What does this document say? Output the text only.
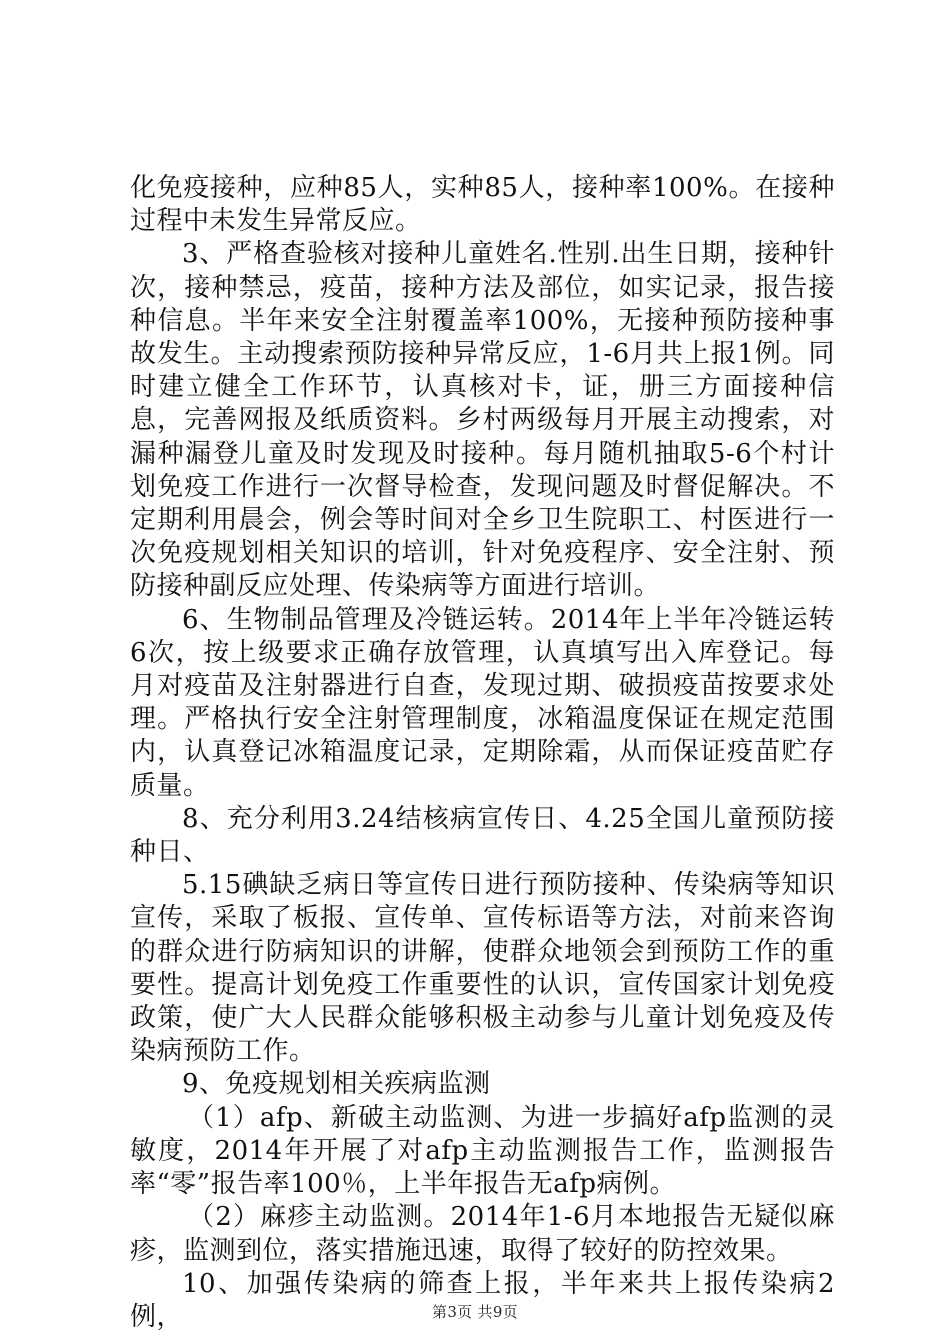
化免疫接种，应种85人，实种85人，接种率100%。在接种过程中未发生异常反应。

3、严格查验核对接种儿童姓名.性别.出生日期，接种针次，接种禁忌，疫苗，接种方法及部位，如实记录，报告接种信息。半年来安全注射覆盖率100%，无接种预防接种事故发生。主动搜索预防接种异常反应，1-6月共上报1例。同时建立健全工作环节，认真核对卡，证，册三方面接种信息，完善网报及纸质资料。乡村两级每月开展主动搜索，对漏种漏登儿童及时发现及时接种。每月随机抽取5-6个村计划免疫工作进行一次督导检查，发现问题及时督促解决。不定期利用晨会，例会等时间对全乡卫生院职工、村医进行一次免疫规划相关知识的培训，针对免疫程序、安全注射、预防接种副反应处理、传染病等方面进行培训。

6、生物制品管理及冷链运转。2014年上半年冷链运转6次，按上级要求正确存放管理，认真填写出入库登记。每月对疫苗及注射器进行自查，发现过期、破损疫苗按要求处理。严格执行安全注射管理制度，冰箱温度保证在规定范围内，认真登记冰箱温度记录，定期除霜，从而保证疫苗贮存质量。

8、充分利用3.24结核病宣传日、4.25全国儿童预防接种日、

5.15碘缺乏病日等宣传日进行预防接种、传染病等知识宣传，采取了板报、宣传单、宣传标语等方法，对前来咨询的群众进行防病知识的讲解，使群众地领会到预防工作的重要性。提高计划免疫工作重要性的认识，宣传国家计划免疫政策，使广大人民群众能够积极主动参与儿童计划免疫及传染病预防工作。

9、免疫规划相关疾病监测

（1）afp、新破主动监测、为进一步搞好afp监测的灵敏度，2014年开展了对afp主动监测报告工作，监测报告率“零”报告率100％，上半年报告无afp病例。

（2）麻疹主动监测。2014年1-6月本地报告无疑似麻疹，监测到位，落实措施迅速，取得了较好的防控效果。

10、加强传染病的筛查上报，半年来共上报传染病2例，	第3页 共9页
